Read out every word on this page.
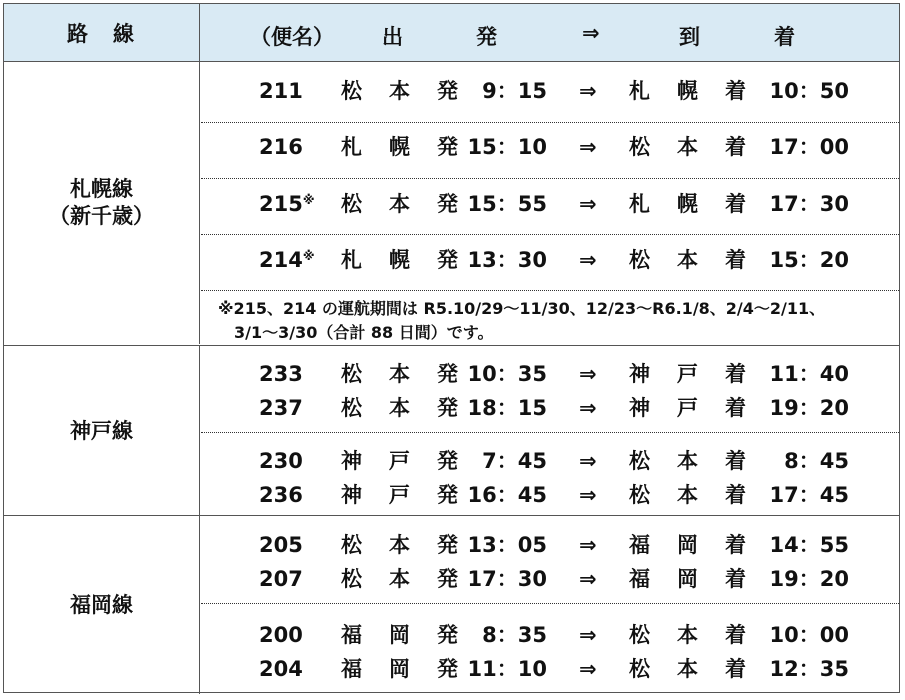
路　線	（便名） 出	発	⇒	到	着
札幌線
（新千歳）
211 松 本 発	9：15 ⇒ 札 幌 着	10：50
216 札 幌 発 15：10 ⇒ 松 本 着	17：00
215※ 松 本 発 15：55 ⇒ 札 幌 着	17：30
214※ 札 幌 発 13：30 ⇒ 松 本 着	15：20
※215、214 の運航期間は R5.10/29～11/30、12/23～R6.1/8、2/4～2/11、
3/1～3/30（合計 88 日間）です。
神戸線
233 松 本 発 10：35 ⇒ 神 戸 着	11：40
237 松 本 発 18：15 ⇒ 神 戸 着	19：20
230 神 戸 発	7：45 ⇒ 松 本 着	8：45
236 神 戸 発 16：45 ⇒ 松 本 着	17：45
福岡線
205 松 本 発 13：05 ⇒ 福 岡 着	14：55
207 松 本 発 17：30 ⇒ 福 岡 着	19：20
200 福 岡 発	8：35 ⇒ 松 本 着	10：00
204 福 岡 発 11：10 ⇒ 松 本 着	12：35
